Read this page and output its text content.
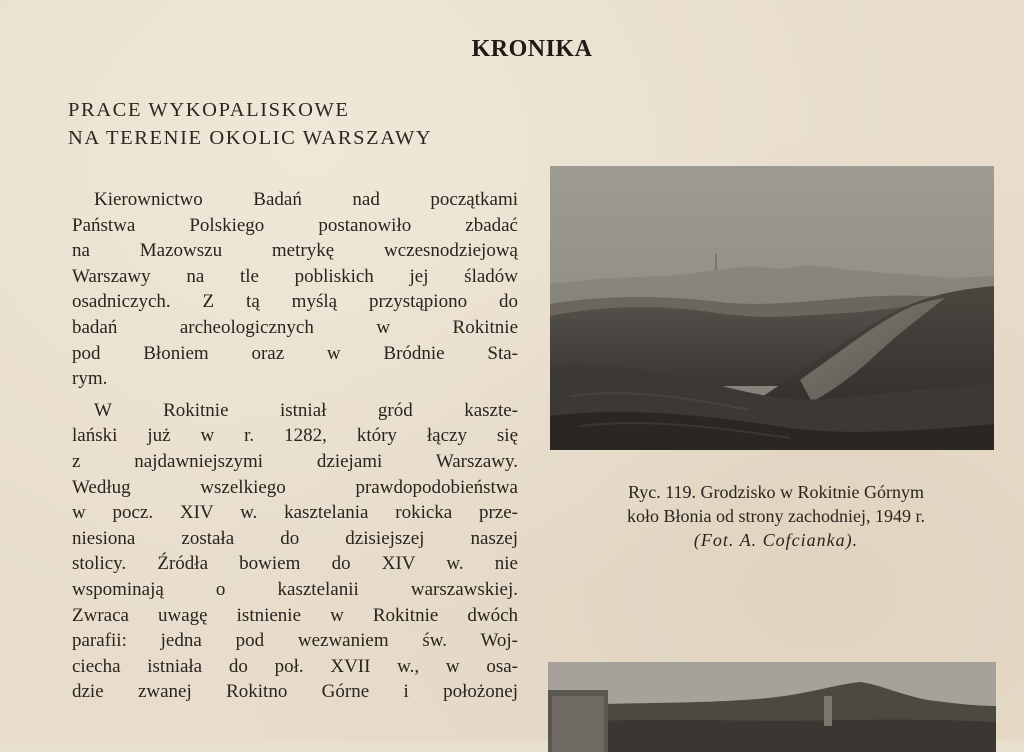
KRONIKA
PRACE WYKOPALISKOWE
NA TERENIE OKOLIC WARSZAWY
Kierownictwo Badań nad początkami
Państwa Polskiego postanowiło zbadać
na Mazowszu metrykę wczesnodziejową
Warszawy na tle pobliskich jej śladów
osadniczych. Z tą myślą przystąpiono do
badań archeologicznych w Rokitnie
pod Błoniem oraz w Bródnie Sta-
rym.
W Rokitnie istniał gród kaszte-
lański już w r. 1282, który łączy się
z najdawniejszymi dziejami Warszawy.
Według wszelkiego prawdopodobieństwa
w pocz. XIV w. kasztelania rokicka prze-
niesiona została do dzisiejszej naszej
stolicy. Źródła bowiem do XIV w. nie
wspominają o kasztelanii warszawskiej.
Zwraca uwagę istnienie w Rokitnie dwóch
parafii: jedna pod wezwaniem św. Woj-
ciecha istniała do poł. XVII w., w osa-
dzie zwanej Rokitno Górne i położonej
Ryc. 119. Grodzisko w Rokitnie Górnym
koło Błonia od strony zachodniej, 1949 r.
(Fot. A. Cofcianka).
